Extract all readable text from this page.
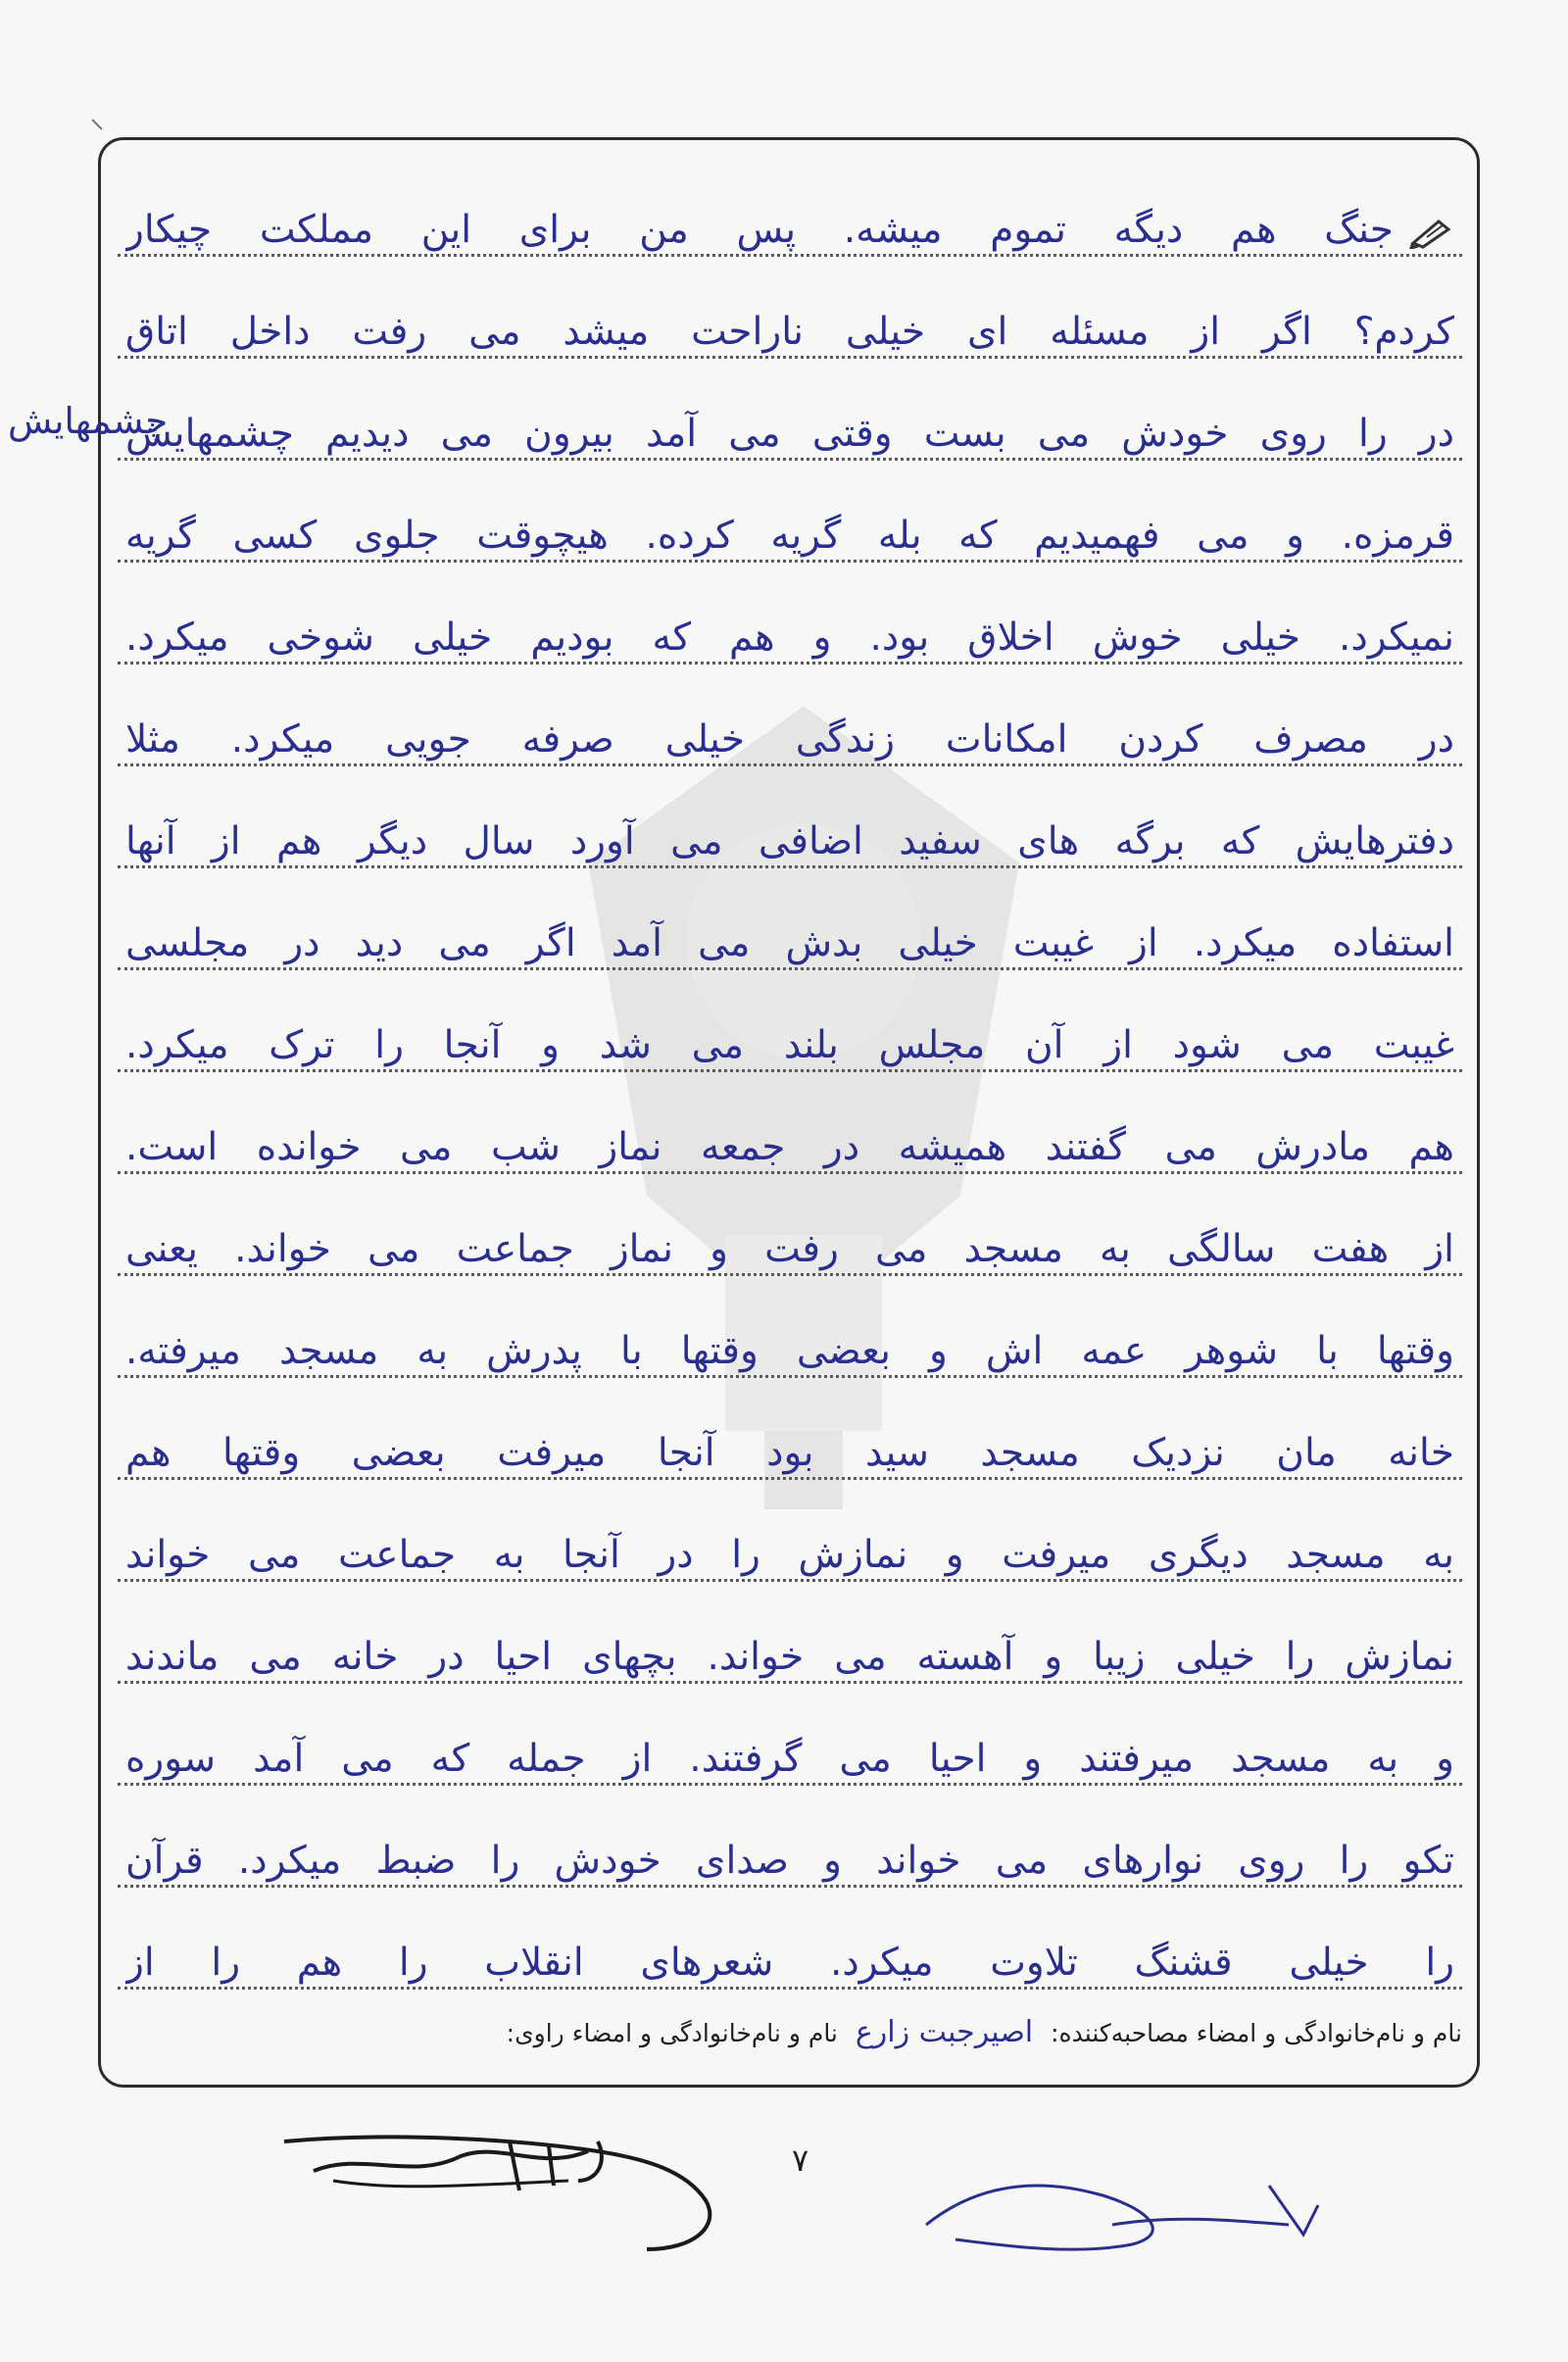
جنگ هم دیگه تموم میشه. پس من برای این مملکت چیکار
کردم؟ اگر از مسئله ای خیلی ناراحت میشد می رفت داخل اتاق
در را روی خودش می بست وقتی می آمد بیرون می دیدیم چشمهایش
قرمزه. و می فهمیدیم که بله گریه کرده. هیچوقت جلوی کسی گریه
نمیکرد. خیلی خوش اخلاق بود. و هم که بودیم خیلی شوخی میکرد.
در مصرف کردن امکانات زندگی خیلی صرفه جویی میکرد. مثلا
دفترهایش که برگه های سفید اضافی می آورد سال دیگر هم از آنها
استفاده میکرد. از غیبت خیلی بدش می آمد اگر می دید در مجلسی
غیبت می شود از آن مجلس بلند می شد و آنجا را ترک میکرد.
هم مادرش می گفتند همیشه در جمعه نماز شب می خوانده است.
از هفت سالگی به مسجد می رفت و نماز جماعت می خواند. یعنی
وقتها با شوهر عمه اش و بعضی وقتها با پدرش به مسجد میرفته.
خانه مان نزدیک مسجد سید بود آنجا میرفت بعضی وقتها هم
به مسجد دیگری میرفت و نمازش را در آنجا به جماعت می خواند
نمازش را خیلی زیبا و آهسته می خواند. بچهای احیا در خانه می ماندند
و به مسجد میرفتند و احیا می گرفتند. از جمله که می آمد سوره
تکو را روی نوارهای می خواند و صدای خودش را ضبط میکرد. قرآن
را خیلی قشنگ تلاوت میکرد. شعرهای انقلاب را هم را از
چشمهایش
نام و نام‌خانوادگی و امضاء مصاحبه‌کننده:
اصیرجبت زارع
نام و نام‌خانوادگی و امضاء راوی:
۷
